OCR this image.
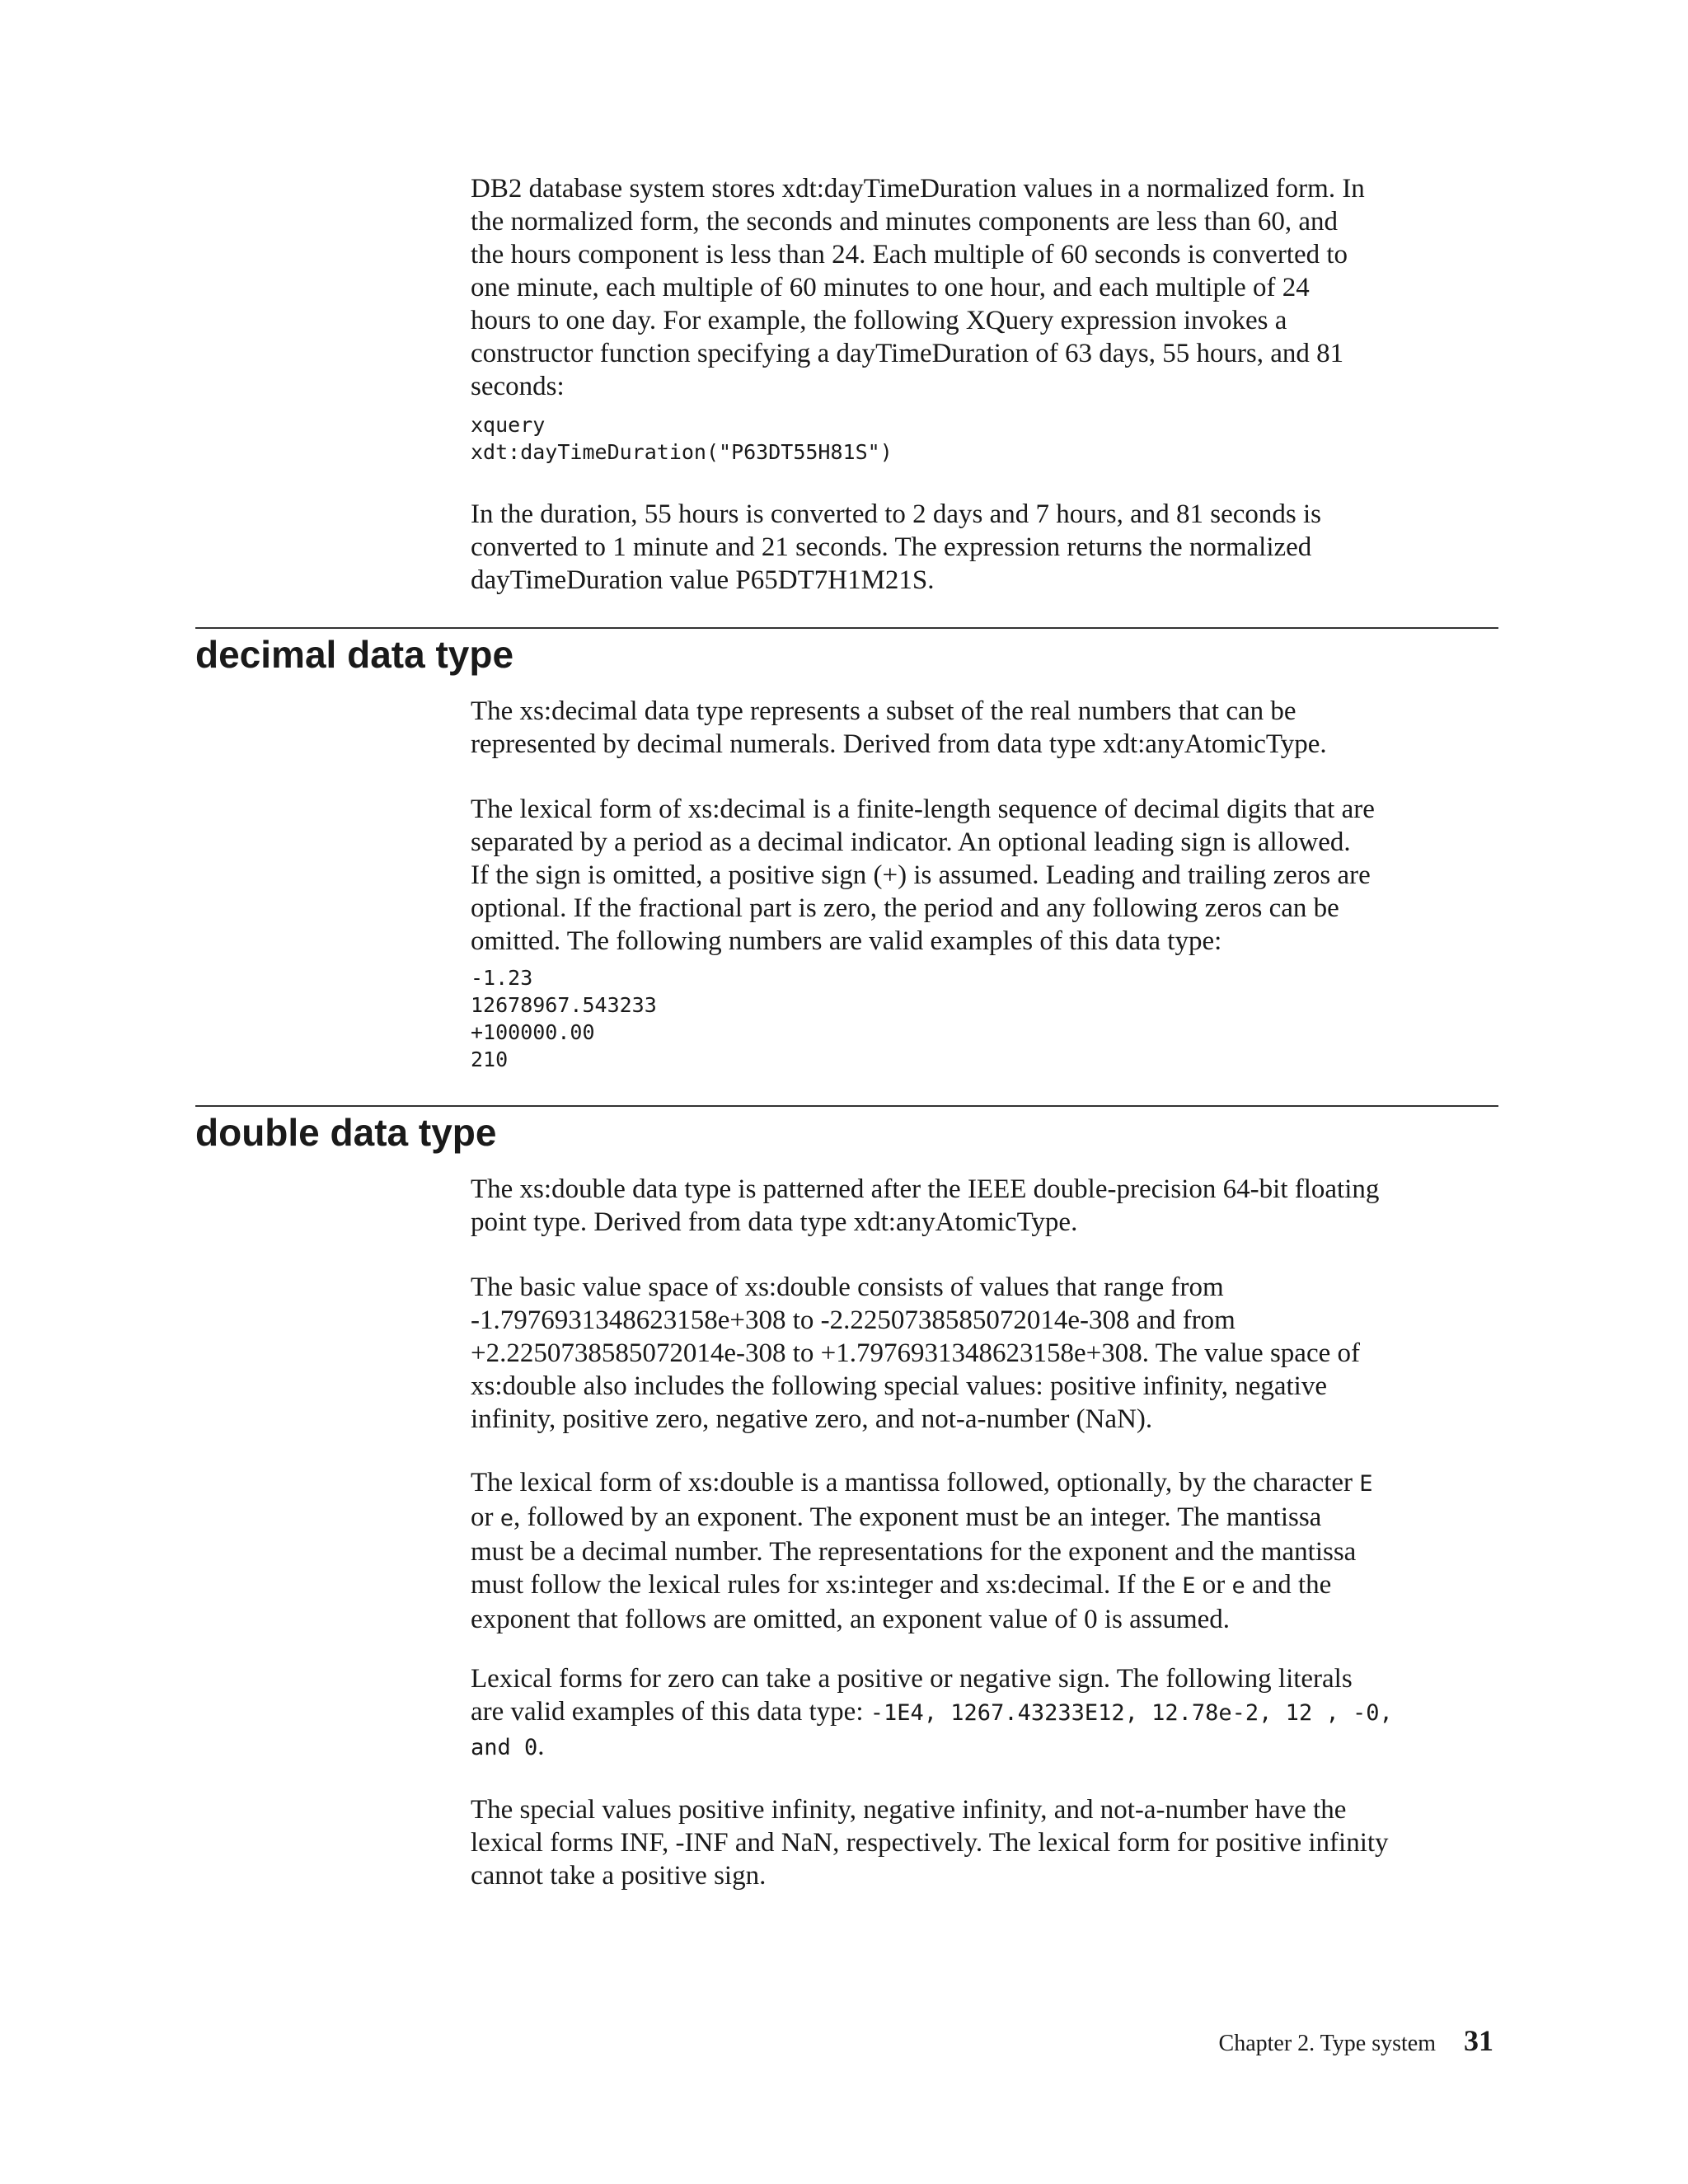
DB2 database system stores xdt:dayTimeDuration values in a normalized form. In
the normalized form, the seconds and minutes components are less than 60, and
the hours component is less than 24. Each multiple of 60 seconds is converted to
one minute, each multiple of 60 minutes to one hour, and each multiple of 24
hours to one day. For example, the following XQuery expression invokes a
constructor function specifying a dayTimeDuration of 63 days, 55 hours, and 81
seconds:

xquery
xdt:dayTimeDuration("P63DT55H81S")

In the duration, 55 hours is converted to 2 days and 7 hours, and 81 seconds is
converted to 1 minute and 21 seconds. The expression returns the normalized
dayTimeDuration value P65DT7H1M21S.

decimal data type

The xs:decimal data type represents a subset of the real numbers that can be
represented by decimal numerals. Derived from data type xdt:anyAtomicType.

The lexical form of xs:decimal is a finite-length sequence of decimal digits that are
separated by a period as a decimal indicator. An optional leading sign is allowed.
If the sign is omitted, a positive sign (+) is assumed. Leading and trailing zeros are
optional. If the fractional part is zero, the period and any following zeros can be
omitted. The following numbers are valid examples of this data type:

-1.23
12678967.543233
+100000.00
210
double data type

The xs:double data type is patterned after the IEEE double-precision 64-bit floating
point type. Derived from data type xdt:anyAtomicType.

The basic value space of xs:double consists of values that range from
-1.7976931348623158e+308 to -2.2250738585072014e-308 and from
+2.2250738585072014e-308 to +1.7976931348623158e+308. The value space of
xs:double also includes the following special values: positive infinity, negative
infinity, positive zero, negative zero, and not-a-number (NaN).

The lexical form of xs:double is a mantissa followed, optionally, by the character E
or e, followed by an exponent. The exponent must be an integer. The mantissa
must be a decimal number. The representations for the exponent and the mantissa
must follow the lexical rules for xs:integer and xs:decimal. If the E or e and the
exponent that follows are omitted, an exponent value of 0 is assumed.

Lexical forms for zero can take a positive or negative sign. The following literals
are valid examples of this data type: -1E4, 1267.43233E12, 12.78e-2, 12 , -0,
and 0.

The special values positive infinity, negative infinity, and not-a-number have the
lexical forms INF, -INF and NaN, respectively. The lexical form for positive infinity
cannot take a positive sign.

Chapter 2. Type system 31
